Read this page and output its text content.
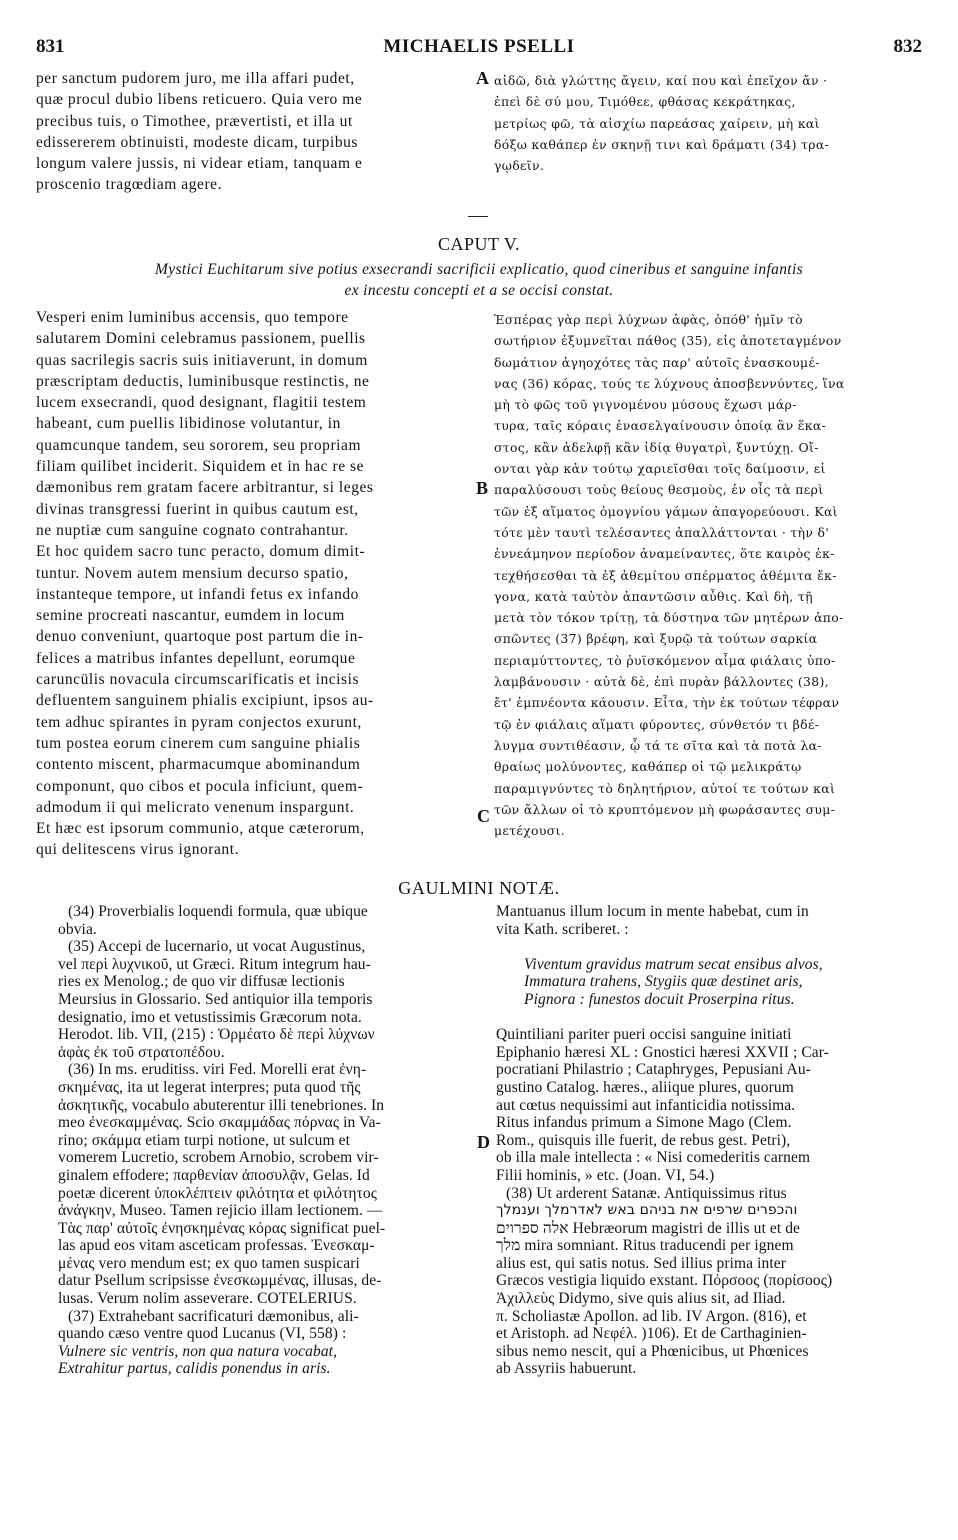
831	MICHAELIS PSELLI	832
per sanctum pudorem juro, me illa affari pudet,
quæ procul dubio libens reticuero. Quia vero me
precibus tuis, o Timothee, prævertisti, et illa ut
edissererem obtinuisti, modeste dicam, turpibus
longum valere jussis, ni videar etiam, tanquam e
proscenio tragœdiam agere.
αἰδῶ, διὰ γλώττης ἄγειν, καί που καὶ ἐπεῖχον ἄν ·
ἐπεὶ δὲ σύ μου, Τιμόθεε, φθάσας κεκράτηκας,
μετρίως φῶ, τὰ αἰσχίω παρεάσας χαίρειν, μὴ καὶ
δόξω καθάπερ ἐν σκηνῇ τινι καὶ δράματι (34) τρα-
γῳδεῖν.
CAPUT V.
Mystici Euchitarum sive potius exsecrandi sacrificii explicatio, quod cineribus et sanguine infantis
ex incestu concepti et a se occisi constat.
Vesperi enim luminibus accensis, quo tempore
salutarem Domini celebramus passionem, puellis
quas sacrilegis sacris suis initiaverunt, in domum
præscriptam deductis, luminibusque restinctis, ne
lucem exsecrandi, quod designant, flagitii testem
habeant, cum puellis libidinose volutantur, in
quamcunque tandem, seu sororem, seu propriam
filiam quilibet inciderit. Siquidem et in hac re se
dæmonibus rem gratam facere arbitrantur, si leges
divinas transgressi fuerint in quibus cautum est,
ne nuptiæ cum sanguine cognato contrahantur.
Et hoc quidem sacro tunc peracto, domum dimit-
tuntur. Novem autem mensium decurso spatio,
instanteque tempore, ut infandi fetus ex infando
semine procreati nascantur, eumdem in locum
denuo conveniunt, quartoque post partum die in-
felices a matribus infantes depellunt, eorumque
caruncülis novacula circumscarificatis et incisis
defluentem sanguinem phialis excipiunt, ipsos au-
tem adhuc spirantes in pyram conjectos exurunt,
tum postea eorum cinerem cum sanguine phialis
contento miscent, pharmacumque abominandum
componunt, quo cibos et pocula inficiunt, quem-
admodum ii qui melicrato venenum inspargunt.
Et hæc est ipsorum communio, atque cæterorum,
qui delitescens virus ignorant.
Ἑσπέρας γὰρ περὶ λύχνων ἁφὰς, ὁπόθ' ἡμῖν τὸ
σωτήριον ἐξυμνεῖται πάθος (35), εἰς ἀποτεταγμένον
δωμάτιον ἀγηοχότες τὰς παρ' αὐτοῖς ἐνασκουμέ-
νας (36) κόρας, τούς τε λύχνους ἀποσβεννύντες, ἵνα
μὴ τὸ φῶς τοῦ γιγνομένου μύσους ἔχωσι μάρ-
τυρα, ταῖς κόραις ἐνασελγαίνουσιν ὁποίᾳ ἂν ἕκα-
στος, κἂν ἀδελφῇ κἂν ἰδίᾳ θυγατρὶ, ξυντύχῃ. Οἴ-
ονται γὰρ κἀν τούτῳ χαριεῖσθαι τοῖς δαίμοσιν, εἰ
παραλύσουσι τοὺς θείους θεσμοὺς, ἐν οἷς τὰ περὶ
τῶν ἐξ αἵματος ὁμογνίου γάμων ἀπαγορεύουσι. Καὶ
τότε μὲν ταυτὶ τελέσαντες ἀπαλλάττονται · τὴν δ'
ἐννεάμηνον περίοδον ἀναμείναντες, ὅτε καιρὸς ἐκ-
τεχθήσεσθαι τὰ ἐξ ἀθεμίτου σπέρματος ἀθέμιτα ἔκ-
γονα, κατὰ ταὐτὸν ἀπαντῶσιν αὖθις. Καὶ δὴ, τῇ
μετὰ τὸν τόκον τρίτῃ, τὰ δύστηνα τῶν μητέρων ἀπο-
σπῶντες (37) βρέφη, καὶ ξυρῷ τὰ τούτων σαρκία
περιαμύττοντες, τὸ ῥυϊσκόμενον αἷμα φιάλαις ὑπο-
λαμβάνουσιν · αὐτὰ δὲ, ἐπὶ πυρὰν βάλλοντες (38),
ἔτ' ἐμπνέοντα κάουσιν. Εἶτα, τὴν ἐκ τούτων τέφραν
τῷ ἐν φιάλαις αἵματι φύροντες, σύνθετόν τι βδέ-
λυγμα συντιθέασιν, ᾧ τά τε σῖτα καὶ τὰ ποτὰ λα-
θραίως μολύνοντες, καθάπερ οἱ τῷ μελικράτῳ
παραμιγνύντες τὸ δηλητήριον, αὐτοί τε τούτων καὶ
τῶν ἄλλων οἱ τὸ κρυπτόμενον μὴ φωράσαντες συμ-
μετέχουσι.
GAULMINI NOTÆ.
(34) Proverbialis loquendi formula, quæ ubique
obvia.
(35) Accepi de lucernario, ut vocat Augustinus,
vel περὶ λυχνικοῦ, ut Græci. Ritum integrum hau-
ries ex Menolog.; de quo vir diffusæ lectionis
Meursius in Glossario. Sed antiquior illa temporis
designatio, imo et vetustissimis Græcorum nota.
Herodot. lib. VII, (215) : Ὁρμέατο δὲ περὶ λύχνων
ἁφὰς ἐκ τοῦ στρατοπέδου.
(36) In ms. eruditiss. viri Fed. Morelli erat ἐνη-
σκημένας, ita ut legerat interpres; puta quod τῆς
ἀσκητικῆς, vocabulo abuterentur illi tenebriones. In
meo ἐνεσκαμμένας. Scio σκαμμάδας πόρνας in Va-
rino; σκάμμα etiam turpi notione, ut sulcum et
vomerem Lucretio, scrobem Arnobio, scrobem vir-
ginalem effodere; παρθενίαν ἀποσυλᾷν, Gelas. Id
poetæ dicerent ὑποκλέπτειν φιλότητα et φιλότητος
ἀνάγκην, Museo. Tamen rejicio illam lectionem. —
Τὰς παρ' αὐτοῖς ἐνησκημένας κόρας significat puel-
las apud eos vitam asceticam professas. Ἐνεσκαμ-
μένας vero mendum est; ex quo tamen suspicari
datur Psellum scripsisse ἐνεσκωμμένας, illusas, de-
lusas. Verum nolim asseverare. COTELERIUS.
(37) Extrahebant sacrificaturi dæmonibus, ali-
quando cæso ventre quod Lucanus (VI, 558) :
Vulnere sic ventris, non qua natura vocabat,
Extrahitur partus, calidis ponendus in aris.
Mantuanus illum locum in mente habebat, cum in
vita Kath. scriberet. :
Viventum gravidus matrum secat ensibus alvos,
Immatura trahens, Stygiis quæ destinet aris,
Pignora : funestos docuit Proserpina ritus.
Quintiliani pariter pueri occisi sanguine initiati
Epiphanio hæresi XL : Gnostici hæresi XXVII ; Car-
pocratiani Philastrio ; Cataphryges, Pepusiani Au-
gustino Catalog. hæres., aliique plures, quorum
aut cœtus nequissimi aut infanticidia notissima.
Ritus infandus primum a Simone Mago (Clem.
Rom., quisquis ille fuerit, de rebus gest. Petri),
ob illa male intellecta : « Nisi comederitis carnem
Filii hominis, » etc. (Joan. VI, 54.)
(38) Ut arderent Satanæ. Antiquissimus ritus
והכפרים שרפים את בניהם באש לאדרמלך וענמלך
אלה ספרוים Hebræorum magistri de illis ut et de
מלך mira somniant. Ritus traducendi per ignem
alius est, qui satis notus. Sed illius prima inter
Græcos vestigia liquido exstant. Πόρσοος (πορίσοος)
Ἀχιλλεὺς Didymo, sive quis alius sit, ad Iliad.
π. Scholiastæ Apollon. ad lib. IV Argon. (816), et
et Aristoph. ad Νεφέλ. )106). Et de Carthaginien-
sibus nemo nescit, qui a Phœnicibus, ut Phœnices
ab Assyriis habuerunt.
A
B
C
D
